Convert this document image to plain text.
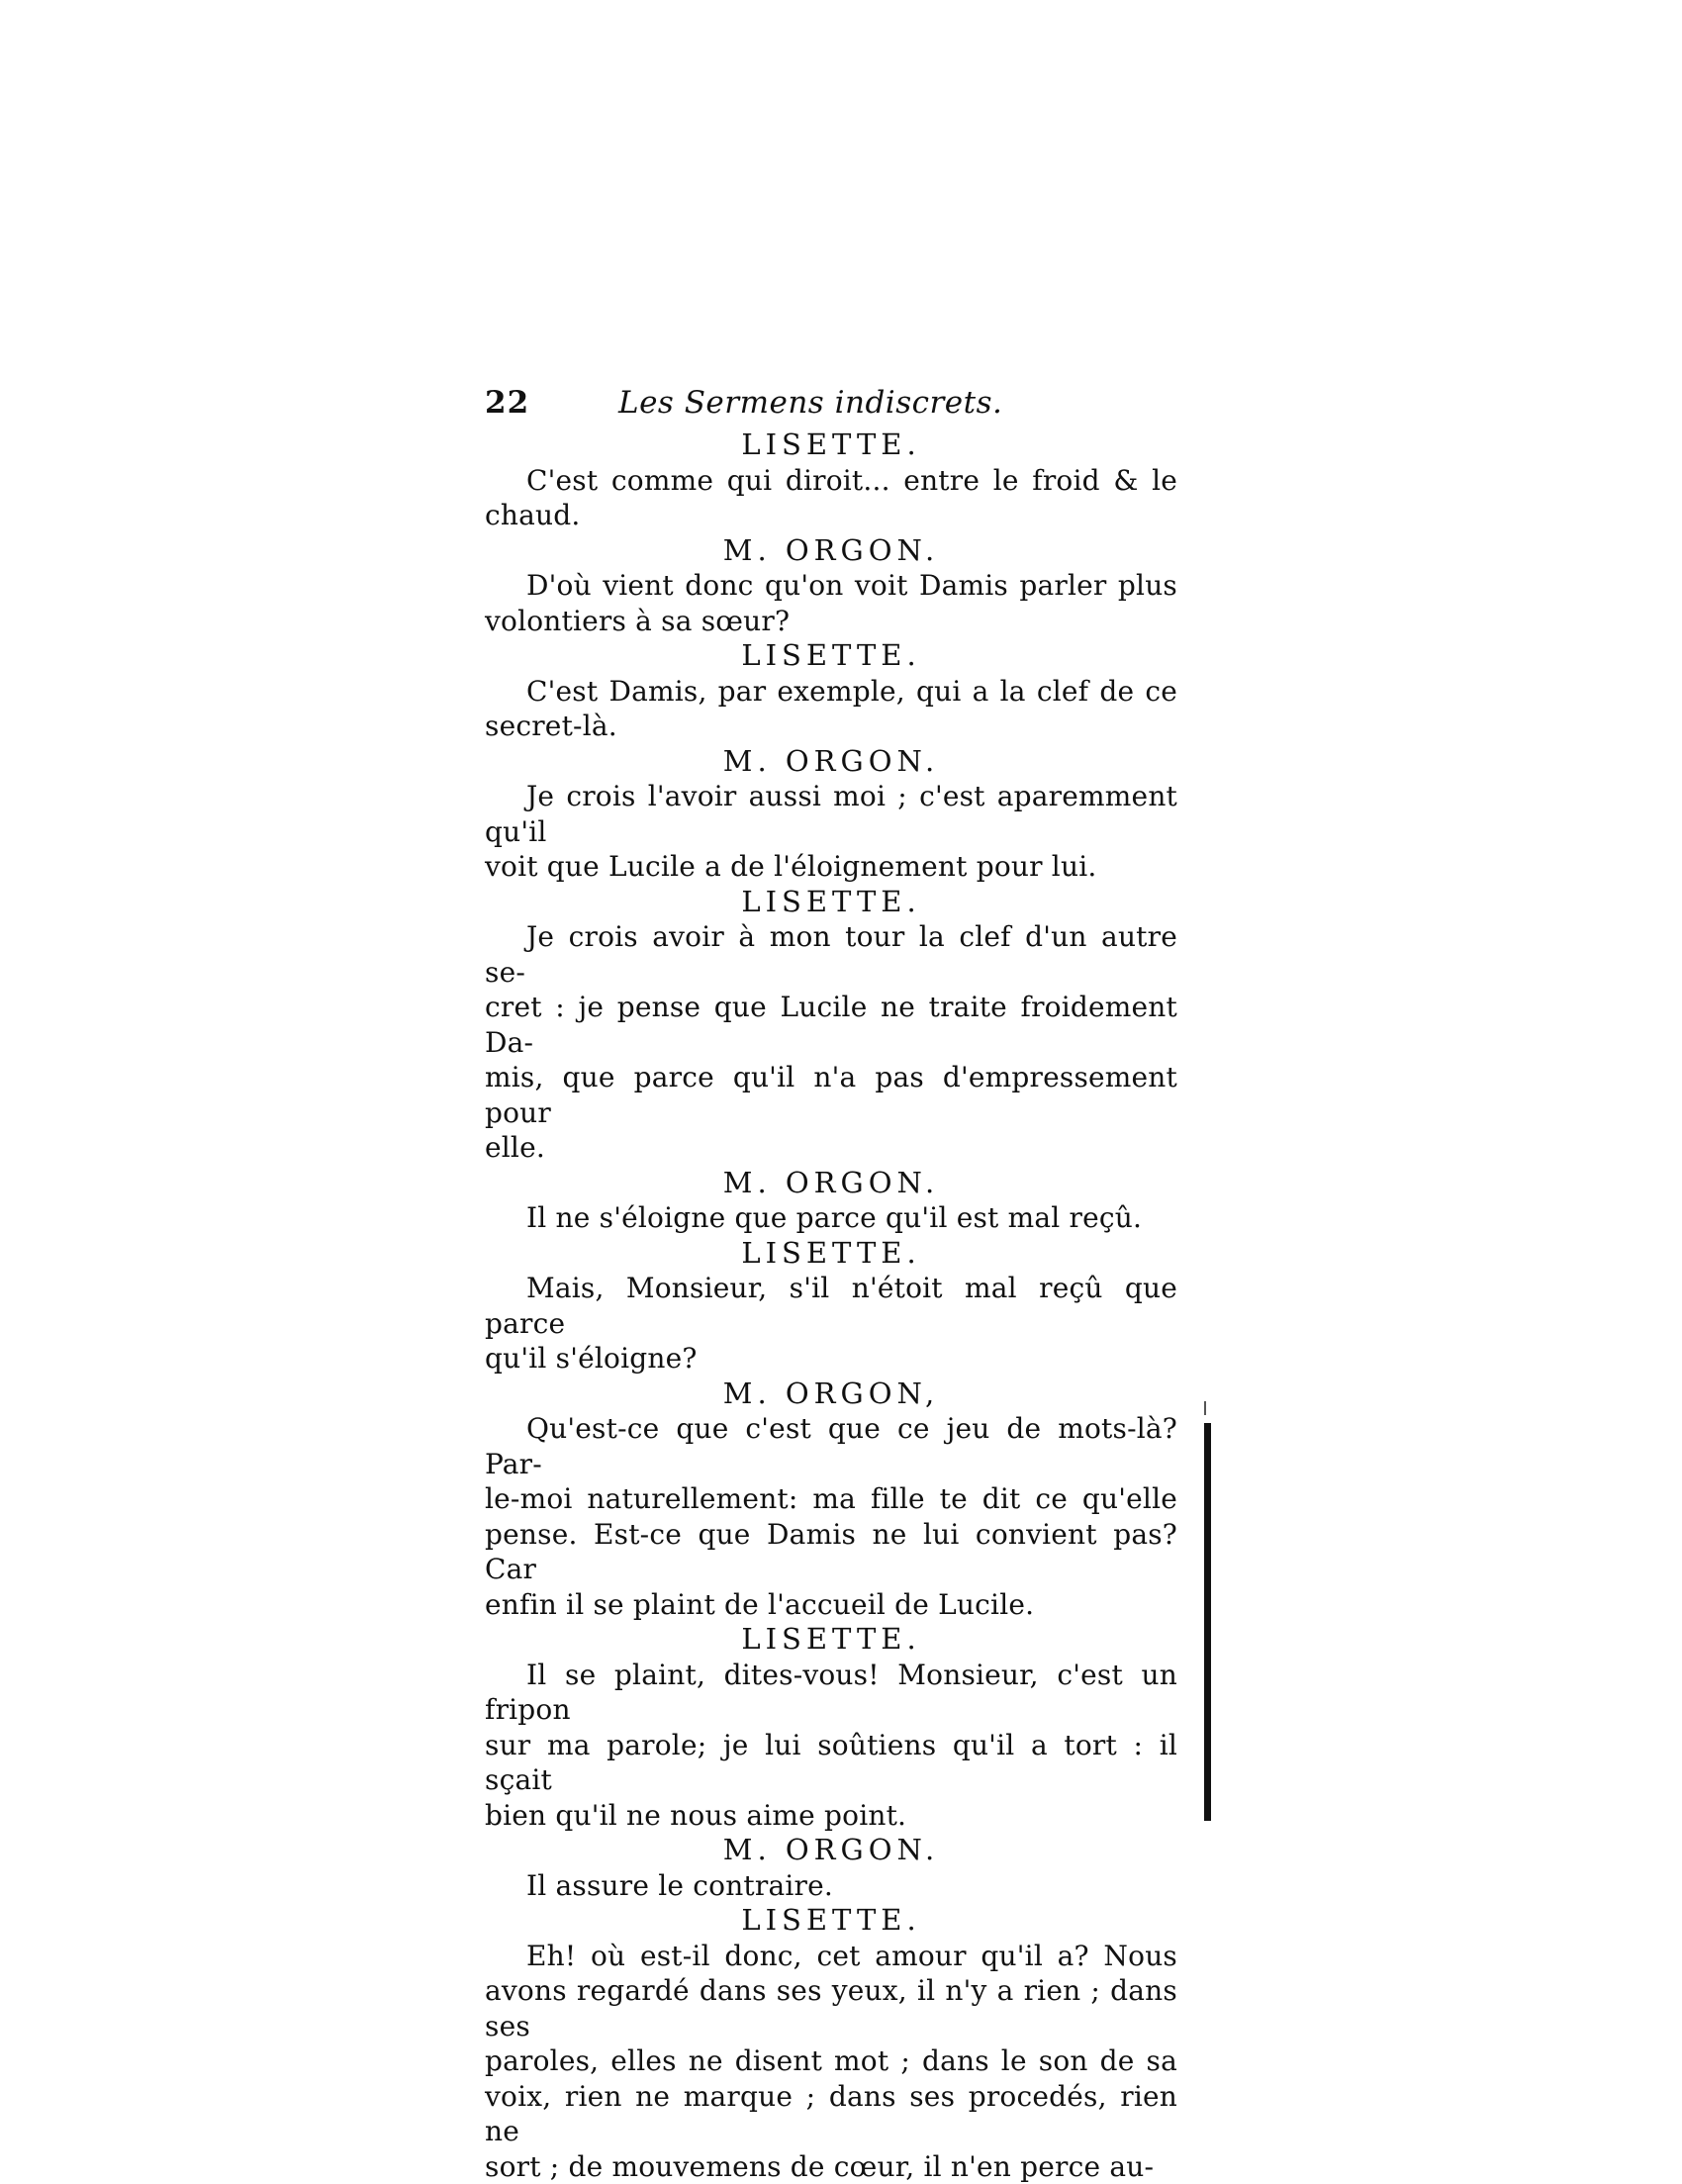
22	Les Sermens indiscrets.

LISETTE.

C'est comme qui diroit... entre le froid & le chaud.

M. ORGON.

D'où vient donc qu'on voit Damis parler plus
volontiers à sa sœur?

LISETTE.

C'est Damis, par exemple, qui a la clef de ce
secret-là.

M. ORGON.

Je crois l'avoir aussi moi ; c'est aparemment qu'il
voit que Lucile a de l'éloignement pour lui.

LISETTE.

Je crois avoir à mon tour la clef d'un autre se-
cret : je pense que Lucile ne traite froidement Da-
mis, que parce qu'il n'a pas d'empressement pour
elle.

M. ORGON.

Il ne s'éloigne que parce qu'il est mal reçû.

LISETTE.

Mais, Monsieur, s'il n'étoit mal reçû que parce
qu'il s'éloigne?

M. ORGON,

Qu'est-ce que c'est que ce jeu de mots-là? Par-
le-moi naturellement: ma fille te dit ce qu'elle
pense. Est-ce que Damis ne lui convient pas? Car
enfin il se plaint de l'accueil de Lucile.

LISETTE.

Il se plaint, dites-vous! Monsieur, c'est un fripon
sur ma parole; je lui soûtiens qu'il a tort : il sçait
bien qu'il ne nous aime point.

M. ORGON.

Il assure le contraire.

LISETTE.

Eh! où est-il donc, cet amour qu'il a? Nous
avons regardé dans ses yeux, il n'y a rien ; dans ses
paroles, elles ne disent mot ; dans le son de sa
voix, rien ne marque ; dans ses procedés, rien ne
sort ; de mouvemens de cœur, il n'en perce au-
